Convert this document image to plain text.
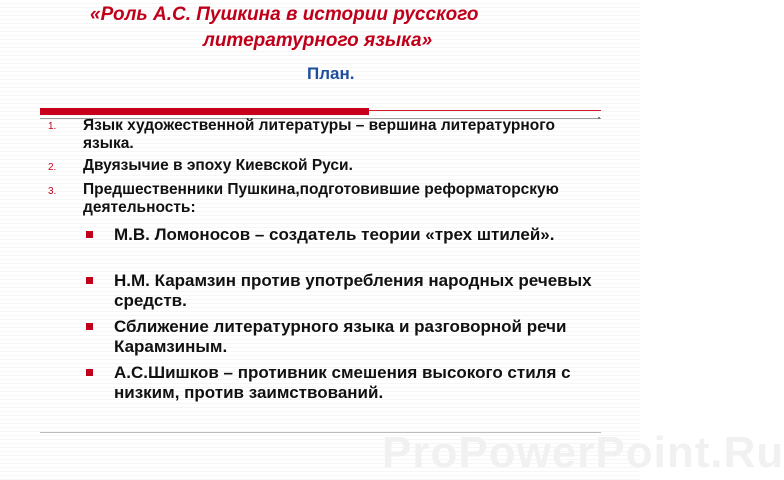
«Роль А.С. Пушкина в истории русского
литературного языка»
План.
1. Язык художественной литературы – вершина литературного языка.
2. Двуязычие в эпоху Киевской Руси.
3. Предшественники Пушкина,подготовившие реформаторскую деятельность:
М.В. Ломоносов – создатель теории «трех штилей».
Н.М. Карамзин против употребления народных речевых средств.
Сближение литературного языка и разговорной речи Карамзиным.
А.С.Шишков – противник смешения высокого стиля с низким, против заимствований.
ProPowerPoint.Ru
